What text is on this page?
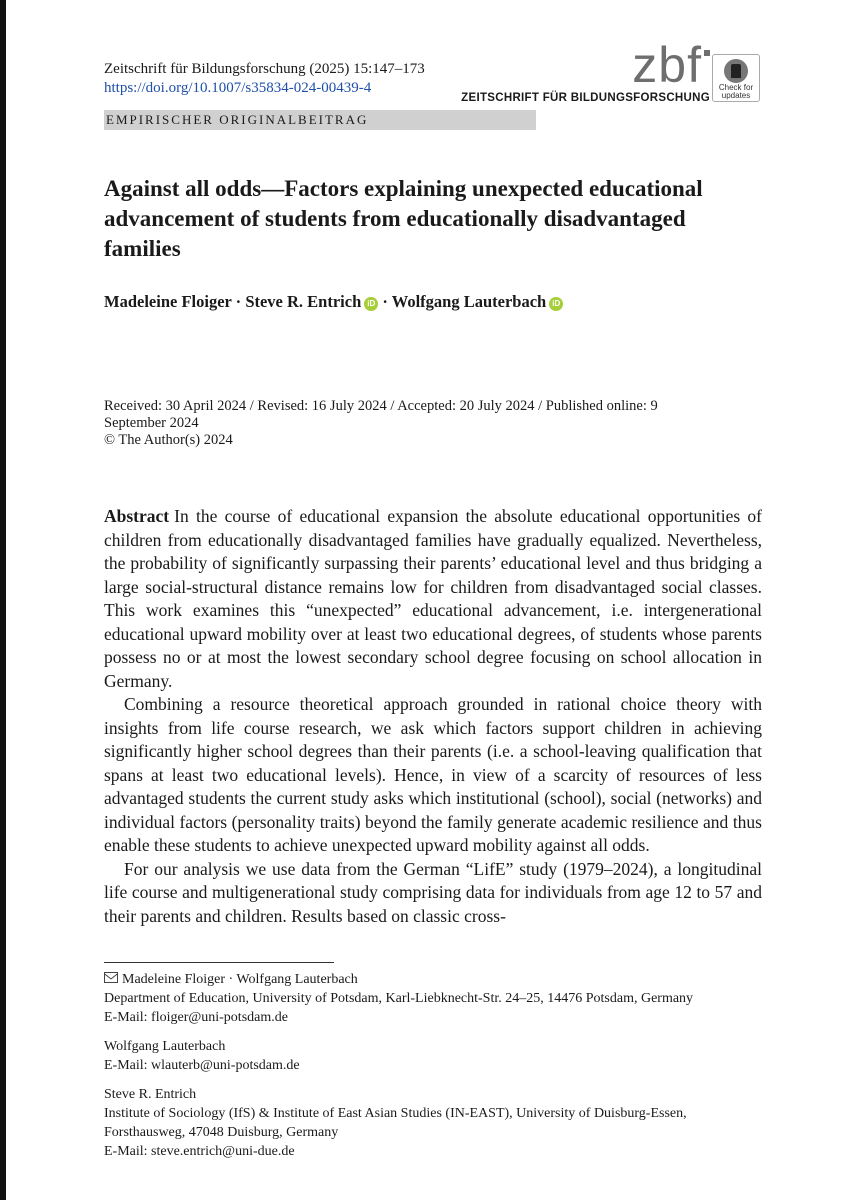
Zeitschrift für Bildungsforschung (2025) 15:147–173
https://doi.org/10.1007/s35834-024-00439-4	zbf
ZEITSCHRIFT FÜR BILDUNGSFORSCHUNG
Check for updates
EMPIRISCHER ORIGINALBEITRAG
Against all odds—Factors explaining unexpected educational advancement of students from educationally disadvantaged families
Madeleine Floiger · Steve R. Entrich iD · Wolfgang Lauterbach iD
Received: 30 April 2024 / Revised: 16 July 2024 / Accepted: 20 July 2024 / Published online: 9 September 2024
© The Author(s) 2024

Abstract In the course of educational expansion the absolute educational opportunities of children from educationally disadvantaged families have gradually equalized. Nevertheless, the probability of significantly surpassing their parents’ educational level and thus bridging a large social-structural distance remains low for children from disadvantaged social classes. This work examines this “unexpected” educational advancement, i.e. intergenerational educational upward mobility over at least two educational degrees, of students whose parents possess no or at most the lowest secondary school degree focusing on school allocation in Germany.

Combining a resource theoretical approach grounded in rational choice theory with insights from life course research, we ask which factors support children in achieving significantly higher school degrees than their parents (i.e. a school-leaving qualification that spans at least two educational levels). Hence, in view of a scarcity of resources of less advantaged students the current study asks which institutional (school), social (networks) and individual factors (personality traits) beyond the family generate academic resilience and thus enable these students to achieve unexpected upward mobility against all odds.

For our analysis we use data from the German “LifE” study (1979–2024), a longitudinal life course and multigenerational study comprising data for individuals from age 12 to 57 and their parents and children. Results based on classic cross-

Madeleine Floiger · Wolfgang Lauterbach
Department of Education, University of Potsdam, Karl-Liebknecht-Str. 24–25, 14476 Potsdam, Germany
E-Mail: floiger@uni-potsdam.de
Wolfgang Lauterbach
E-Mail: wlauterb@uni-potsdam.de
Steve R. Entrich
Institute of Sociology (IfS) & Institute of East Asian Studies (IN-EAST), University of Duisburg-Essen, Forsthausweg, 47048 Duisburg, Germany
E-Mail: steve.entrich@uni-due.de
